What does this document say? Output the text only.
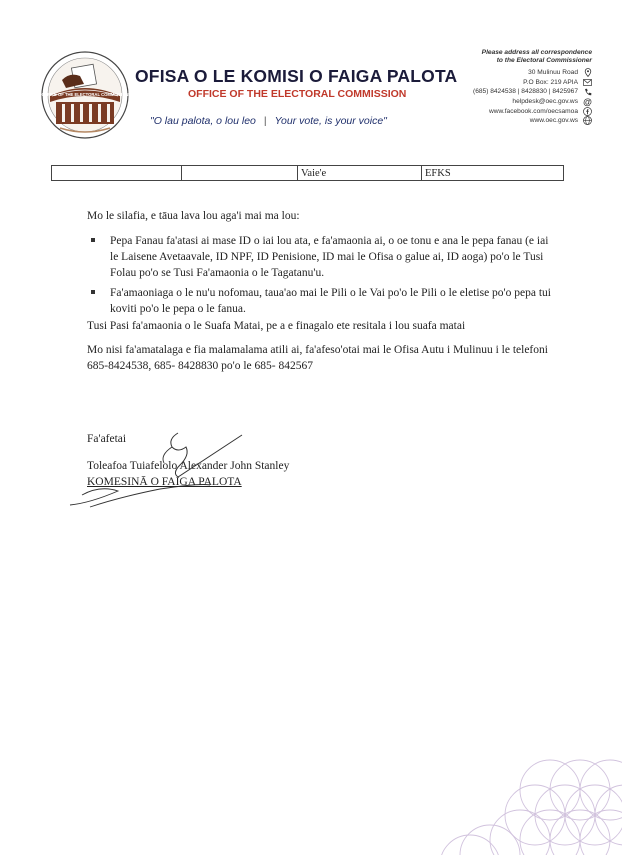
OFFICE OF THE ELECTORAL COMMISSION
OFISA O LE KOMISI O FAIGA PALOTA
OFFICE OF THE ELECTORAL COMMISSION
"O lau palota, o lou leo | Your vote, is your voice"
Please address all correspondence
to the Electoral Commissioner
30 Mulinuu Road
P.O Box: 219 APIA
(685) 8424538 | 8428830 | 8425967
helpdesk@oec.gov.ws @
www.facebook.com/oecsamoa
www.oec.gov.ws
Vaie'e	EFKS
Mo le silafia, e tāua lava lou aga'i mai ma lou:
Pepa Fanau fa'atasi ai mase ID o iai lou ata, e fa'amaonia ai, o oe tonu e ana le pepa fanau (e iai le Laisene Avetaavale, ID NPF, ID Penisione, ID mai le Ofisa o galue ai, ID aoga) po'o le Tusi Folau po'o se Tusi Fa'amaonia o le Tagatanu'u.
Fa'amaoniaga o le nu'u nofomau, taua'ao mai le Pili o le Vai po'o le Pili o le eletise po'o pepa tui koviti po'o le pepa o le fanua.
Tusi Pasi fa'amaonia o le Suafa Matai, pe a e finagalo ete resitala i lou suafa matai
Mo nisi fa'amatalaga e fia malamalama atili ai, fa'afeso'otai mai le Ofisa Autu i Mulinuu i le telefoni 685-8424538, 685- 8428830 po'o le 685- 842567
Fa'afetai
Toleafoa Tuiafelolo Alexander John Stanley
KOMESINĀ O FAIGA PALOTA
